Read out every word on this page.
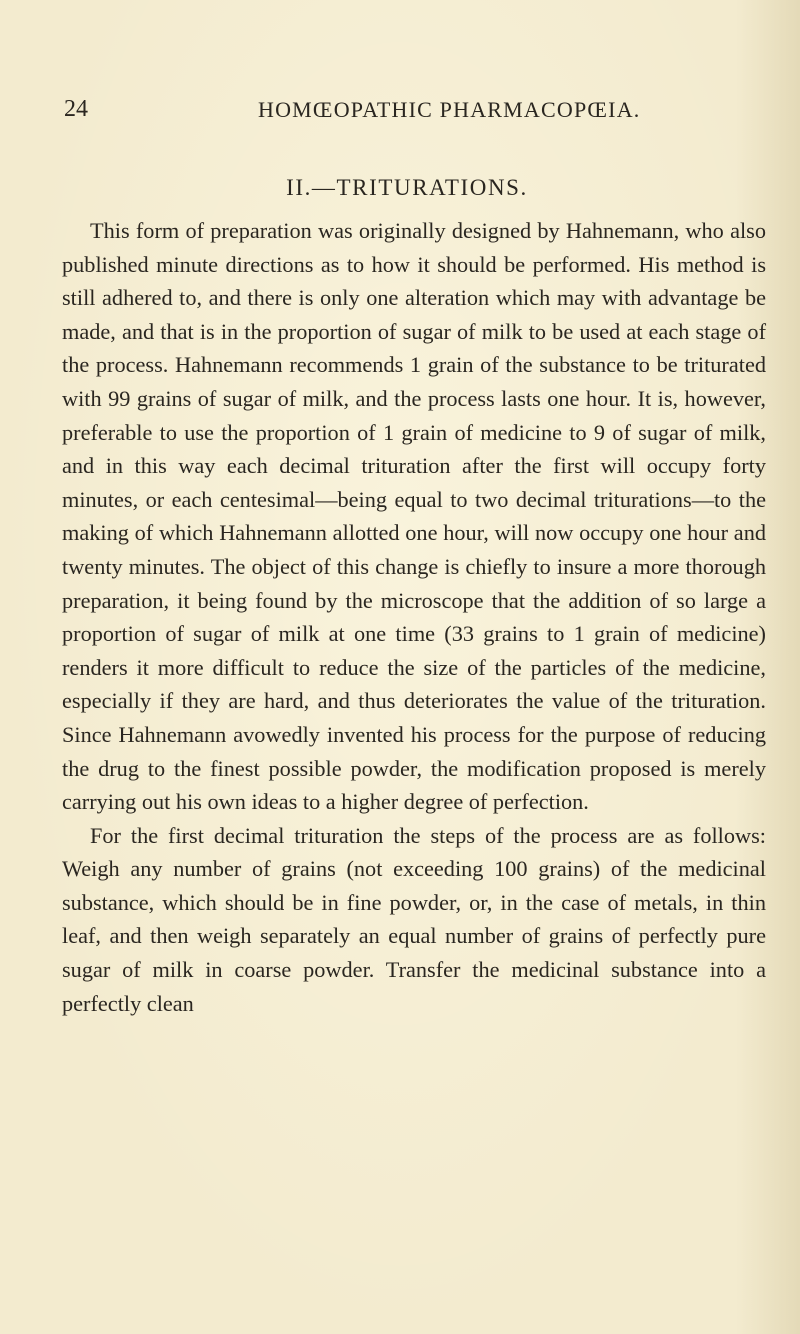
24	HOMŒOPATHIC PHARMACOPŒIA.
II.—TRITURATIONS.

This form of preparation was originally designed by Hahnemann, who also published minute directions as to how it should be performed. His method is still adhered to, and there is only one alteration which may with advantage be made, and that is in the proportion of sugar of milk to be used at each stage of the process. Hahnemann recommends 1 grain of the substance to be triturated with 99 grains of sugar of milk, and the process lasts one hour. It is, however, preferable to use the proportion of 1 grain of medicine to 9 of sugar of milk, and in this way each decimal trituration after the first will occupy forty minutes, or each centesimal—being equal to two decimal triturations—to the making of which Hahnemann allotted one hour, will now occupy one hour and twenty minutes. The object of this change is chiefly to insure a more thorough preparation, it being found by the microscope that the addition of so large a proportion of sugar of milk at one time (33 grains to 1 grain of medicine) renders it more difficult to reduce the size of the particles of the medicine, especially if they are hard, and thus deteriorates the value of the trituration. Since Hahnemann avowedly invented his process for the purpose of reducing the drug to the finest possible powder, the modification proposed is merely carrying out his own ideas to a higher degree of perfection.

For the first decimal trituration the steps of the process are as follows: Weigh any number of grains (not exceeding 100 grains) of the medicinal substance, which should be in fine powder, or, in the case of metals, in thin leaf, and then weigh separately an equal number of grains of perfectly pure sugar of milk in coarse powder. Transfer the medicinal substance into a perfectly clean
